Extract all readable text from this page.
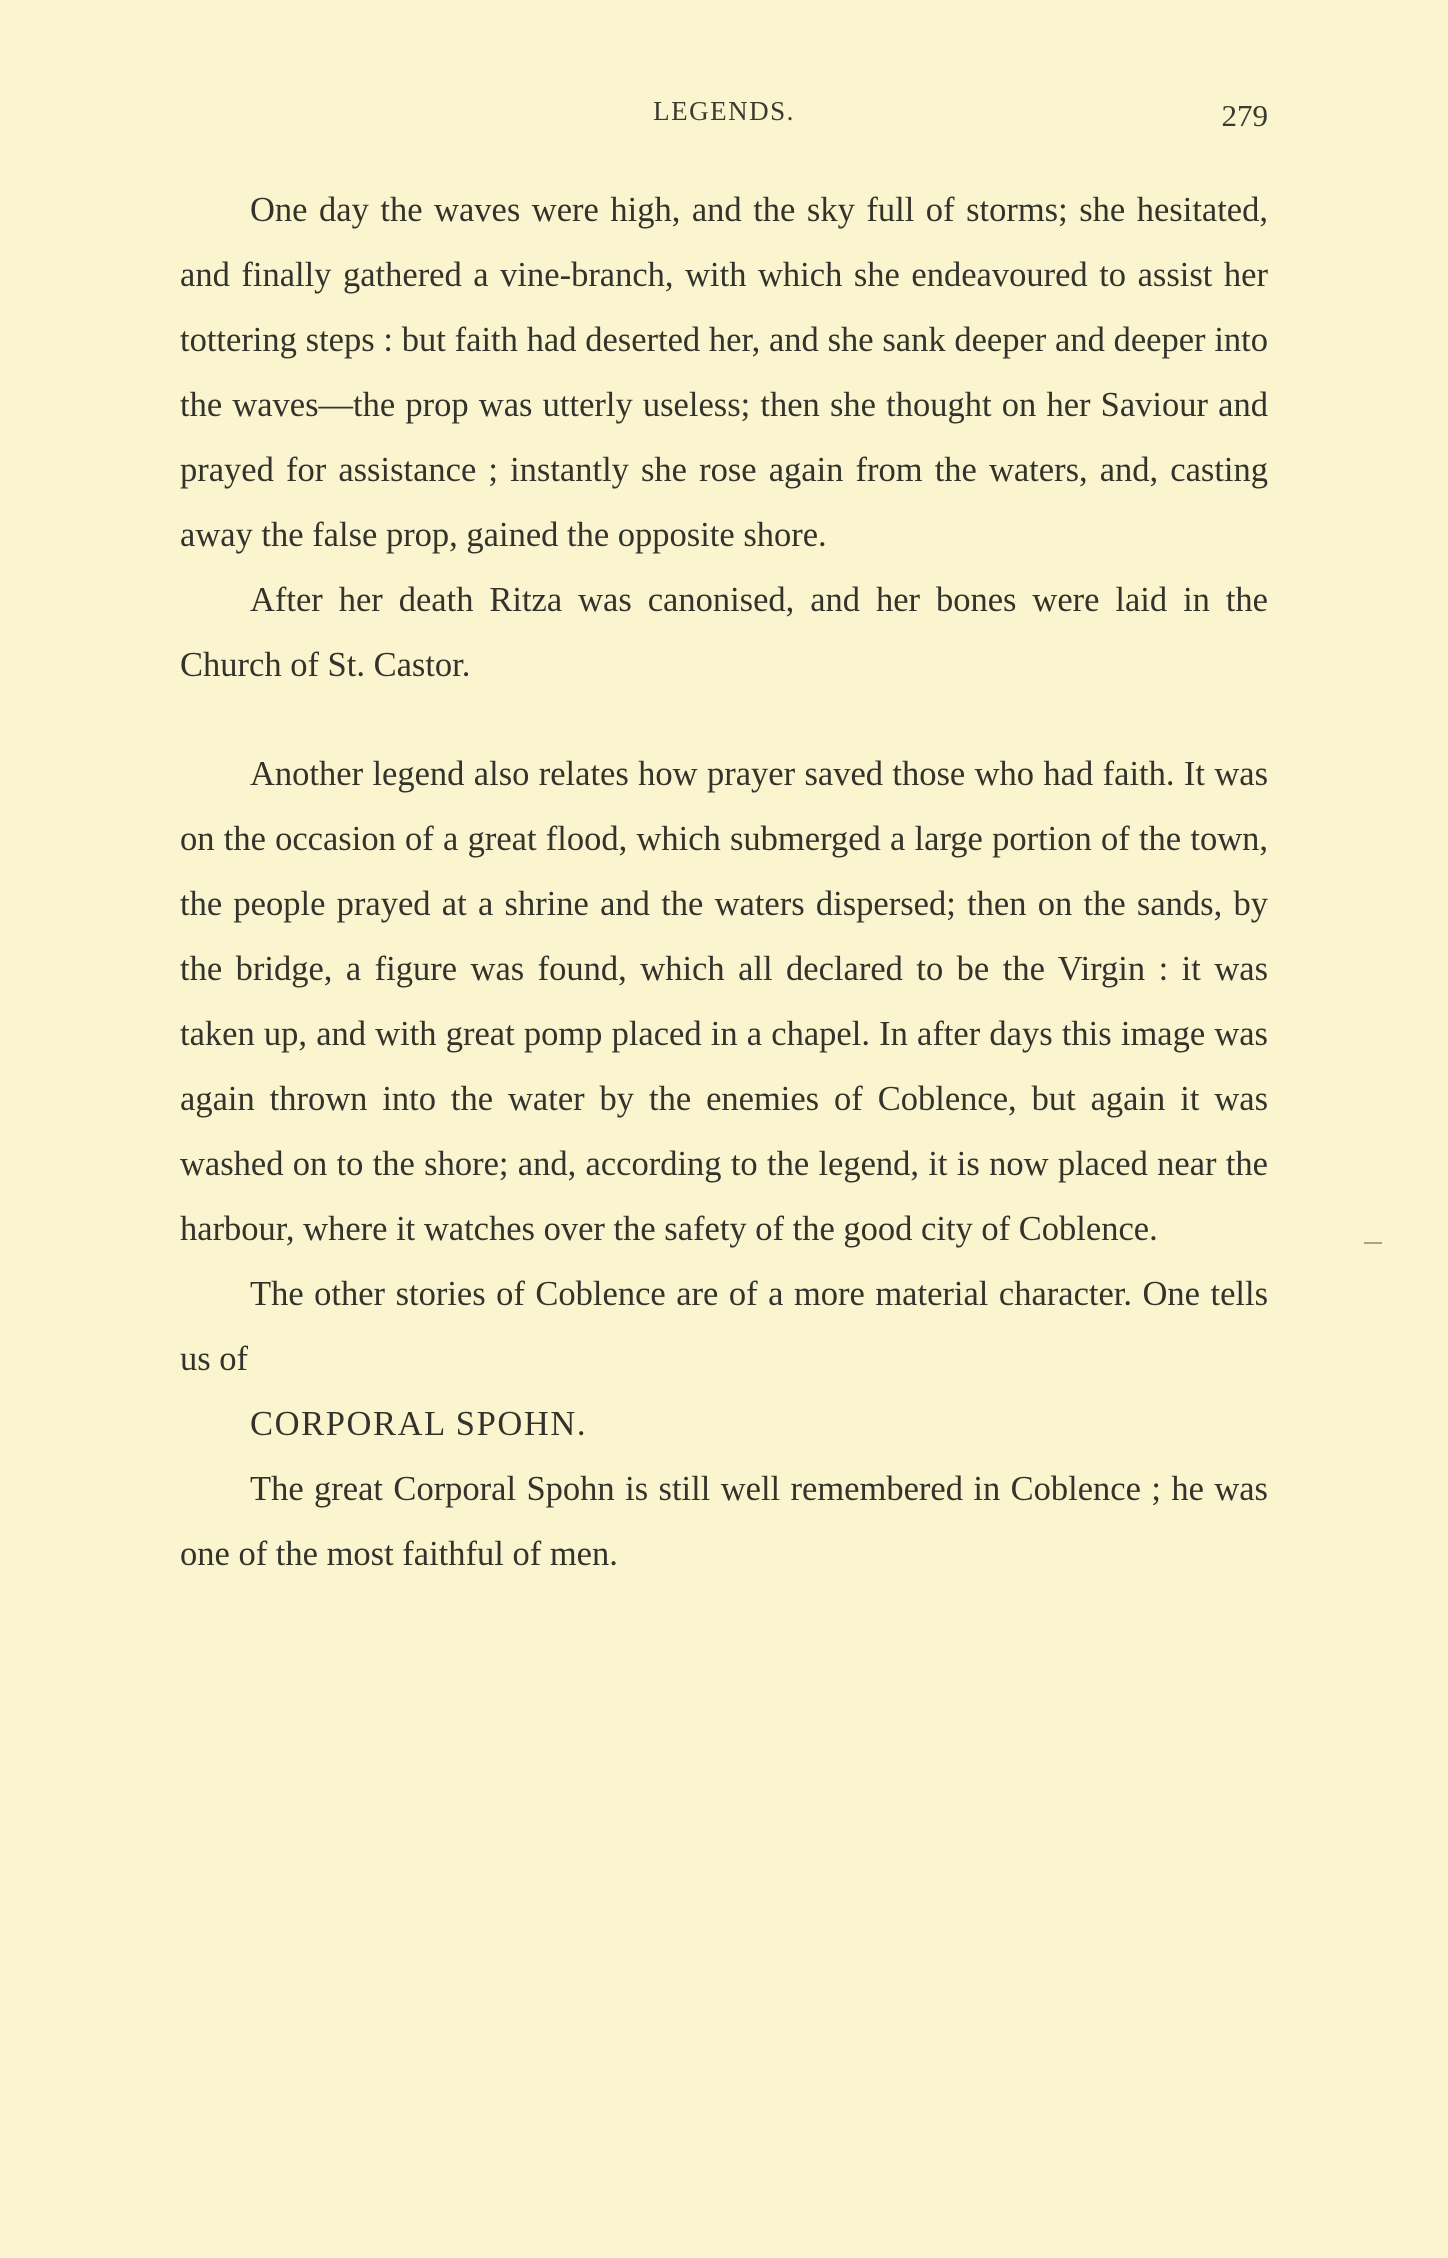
LEGENDS.	279

One day the waves were high, and the sky full of storms; she hesitated, and finally gathered a vine-branch, with which she endeavoured to assist her tottering steps : but faith had deserted her, and she sank deeper and deeper into the waves—the prop was utterly useless; then she thought on her Saviour and prayed for assistance ; instantly she rose again from the waters, and, casting away the false prop, gained the opposite shore.

After her death Ritza was canonised, and her bones were laid in the Church of St. Castor.

Another legend also relates how prayer saved those who had faith. It was on the occasion of a great flood, which submerged a large portion of the town, the people prayed at a shrine and the waters dispersed; then on the sands, by the bridge, a figure was found, which all declared to be the Virgin : it was taken up, and with great pomp placed in a chapel. In after days this image was again thrown into the water by the enemies of Coblence, but again it was washed on to the shore; and, according to the legend, it is now placed near the harbour, where it watches over the safety of the good city of Coblence.

The other stories of Coblence are of a more material character. One tells us of

CORPORAL SPOHN.

The great Corporal Spohn is still well remembered in Coblence ; he was one of the most faithful of men.
